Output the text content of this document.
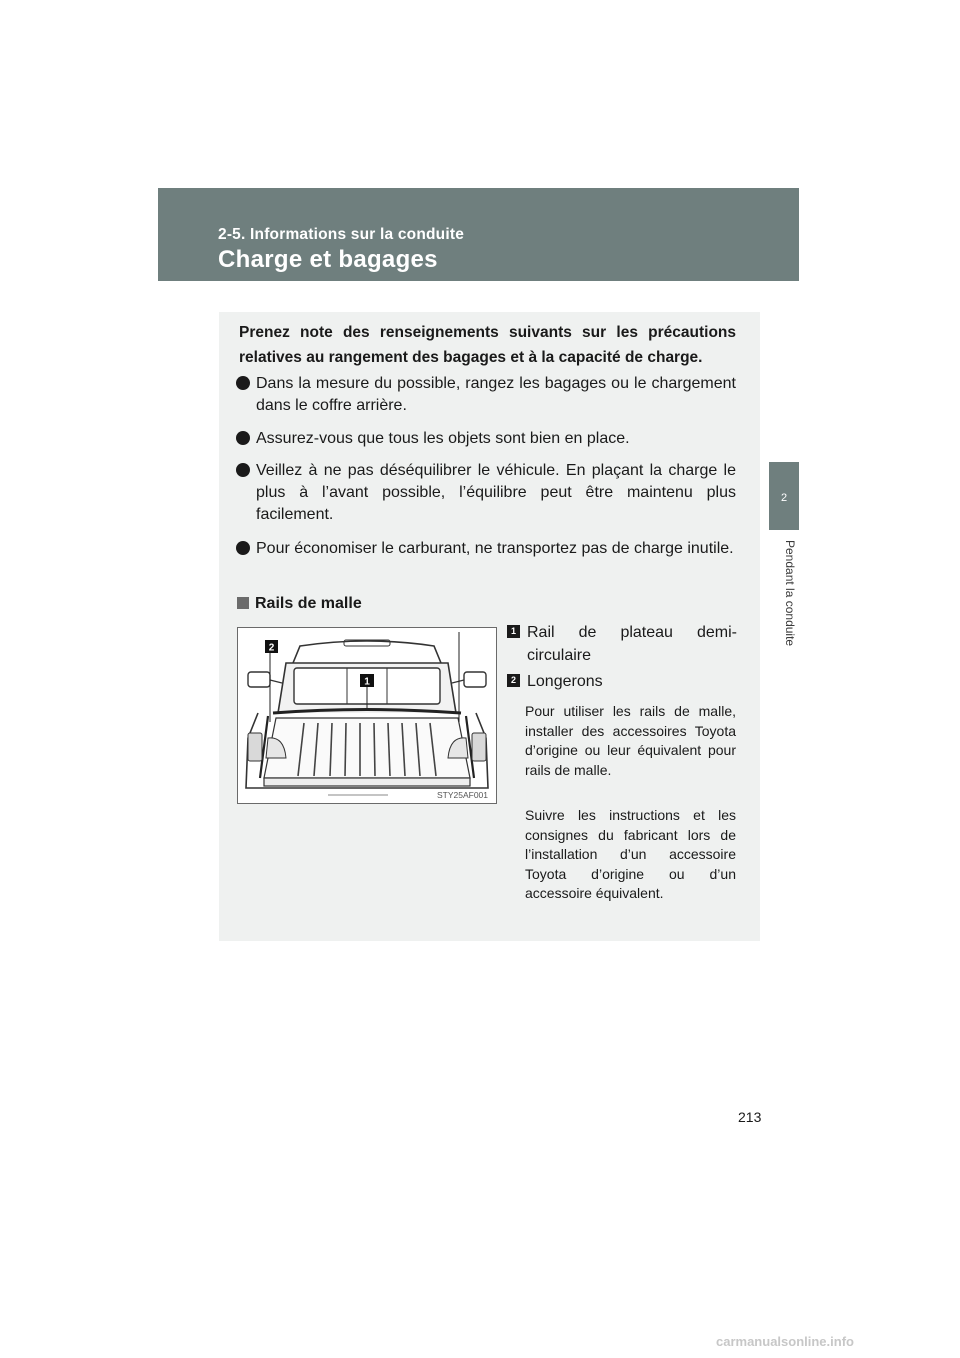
2-5. Informations sur la conduite
Charge et bagages
2
Pendant la conduite
Prenez note des renseignements suivants sur les précautions relatives au rangement des bagages et à la capacité de charge.
Dans la mesure du possible, rangez les bagages ou le chargement dans le coffre arrière.
Assurez-vous que tous les objets sont bien en place.
Veillez à ne pas déséquilibrer le véhicule. En plaçant la charge le plus à l’avant possible, l’équilibre peut être maintenu plus facilement.
Pour économiser le carburant, ne transportez pas de charge inutile.
Rails de malle
2
1
STY25AF001
1 Rail de plateau demi-circulaire
2 Longerons
Pour utiliser les rails de malle, installer des accessoires Toyota d’origine ou leur équivalent pour rails de malle.
Suivre les instructions et les consignes du fabricant lors de l’installation d’un accessoire Toyota d’origine ou d’un accessoire équivalent.
213
carmanualsonline.info
